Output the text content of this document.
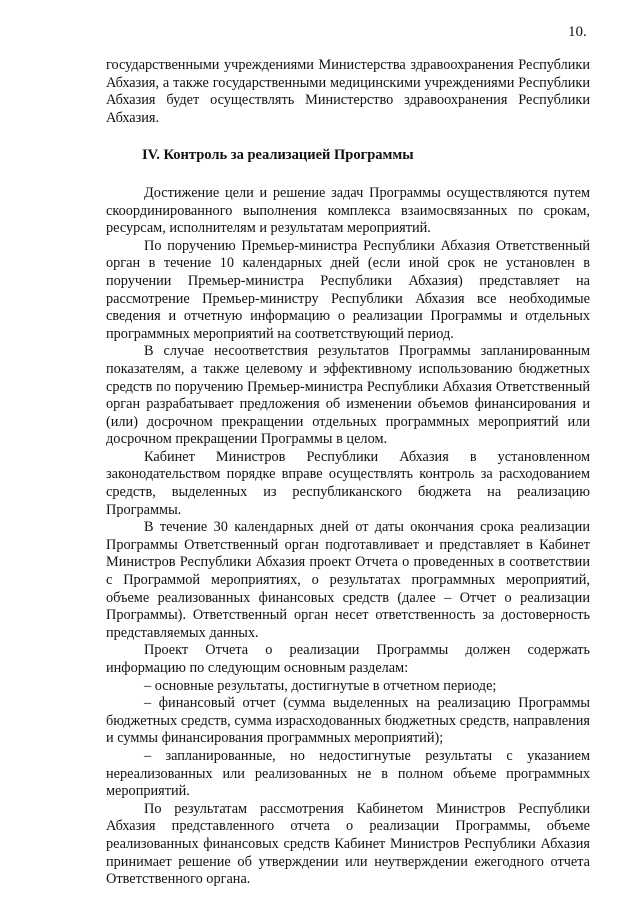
10.

государственными учреждениями Министерства здравоохранения Республики Абхазия, а также государственными медицинскими учреждениями Республики Абхазия будет осуществлять Министерство здравоохранения Республики Абхазия.

IV. Контроль за реализацией Программы

Достижение цели и решение задач Программы осуществляются путем скоординированного выполнения комплекса взаимосвязанных по срокам, ресурсам, исполнителям и результатам мероприятий.

По поручению Премьер-министра Республики Абхазия Ответственный орган в течение 10 календарных дней (если иной срок не установлен в поручении Премьер-министра Республики Абхазия) представляет на рассмотрение Премьер-министру Республики Абхазия все необходимые сведения и отчетную информацию о реализации Программы и отдельных программных мероприятий на соответствующий период.

В случае несоответствия результатов Программы запланированным показателям, а также целевому и эффективному использованию бюджетных средств по поручению Премьер-министра Республики Абхазия Ответственный орган разрабатывает предложения об изменении объемов финансирования и (или) досрочном прекращении отдельных программных мероприятий или досрочном прекращении Программы в целом.

Кабинет Министров Республики Абхазия в установленном законодательством порядке вправе осуществлять контроль за расходованием средств, выделенных из республиканского бюджета на реализацию Программы.

В течение 30 календарных дней от даты окончания срока реализации Программы Ответственный орган подготавливает и представляет в Кабинет Министров Республики Абхазия проект Отчета о проведенных в соответствии с Программой мероприятиях, о результатах программных мероприятий, объеме реализованных финансовых средств (далее – Отчет о реализации Программы). Ответственный орган несет ответственность за достоверность представляемых данных.

Проект Отчета о реализации Программы должен содержать информацию по следующим основным разделам:

– основные результаты, достигнутые в отчетном периоде;

– финансовый отчет (сумма выделенных на реализацию Программы бюджетных средств, сумма израсходованных бюджетных средств, направления и суммы финансирования программных мероприятий);

– запланированные, но недостигнутые результаты с указанием нереализованных или реализованных не в полном объеме программных мероприятий.

По результатам рассмотрения Кабинетом Министров Республики Абхазия представленного отчета о реализации Программы, объеме реализованных финансовых средств Кабинет Министров Республики Абхазия принимает решение об утверждении или неутверждении ежегодного отчета Ответственного органа.
